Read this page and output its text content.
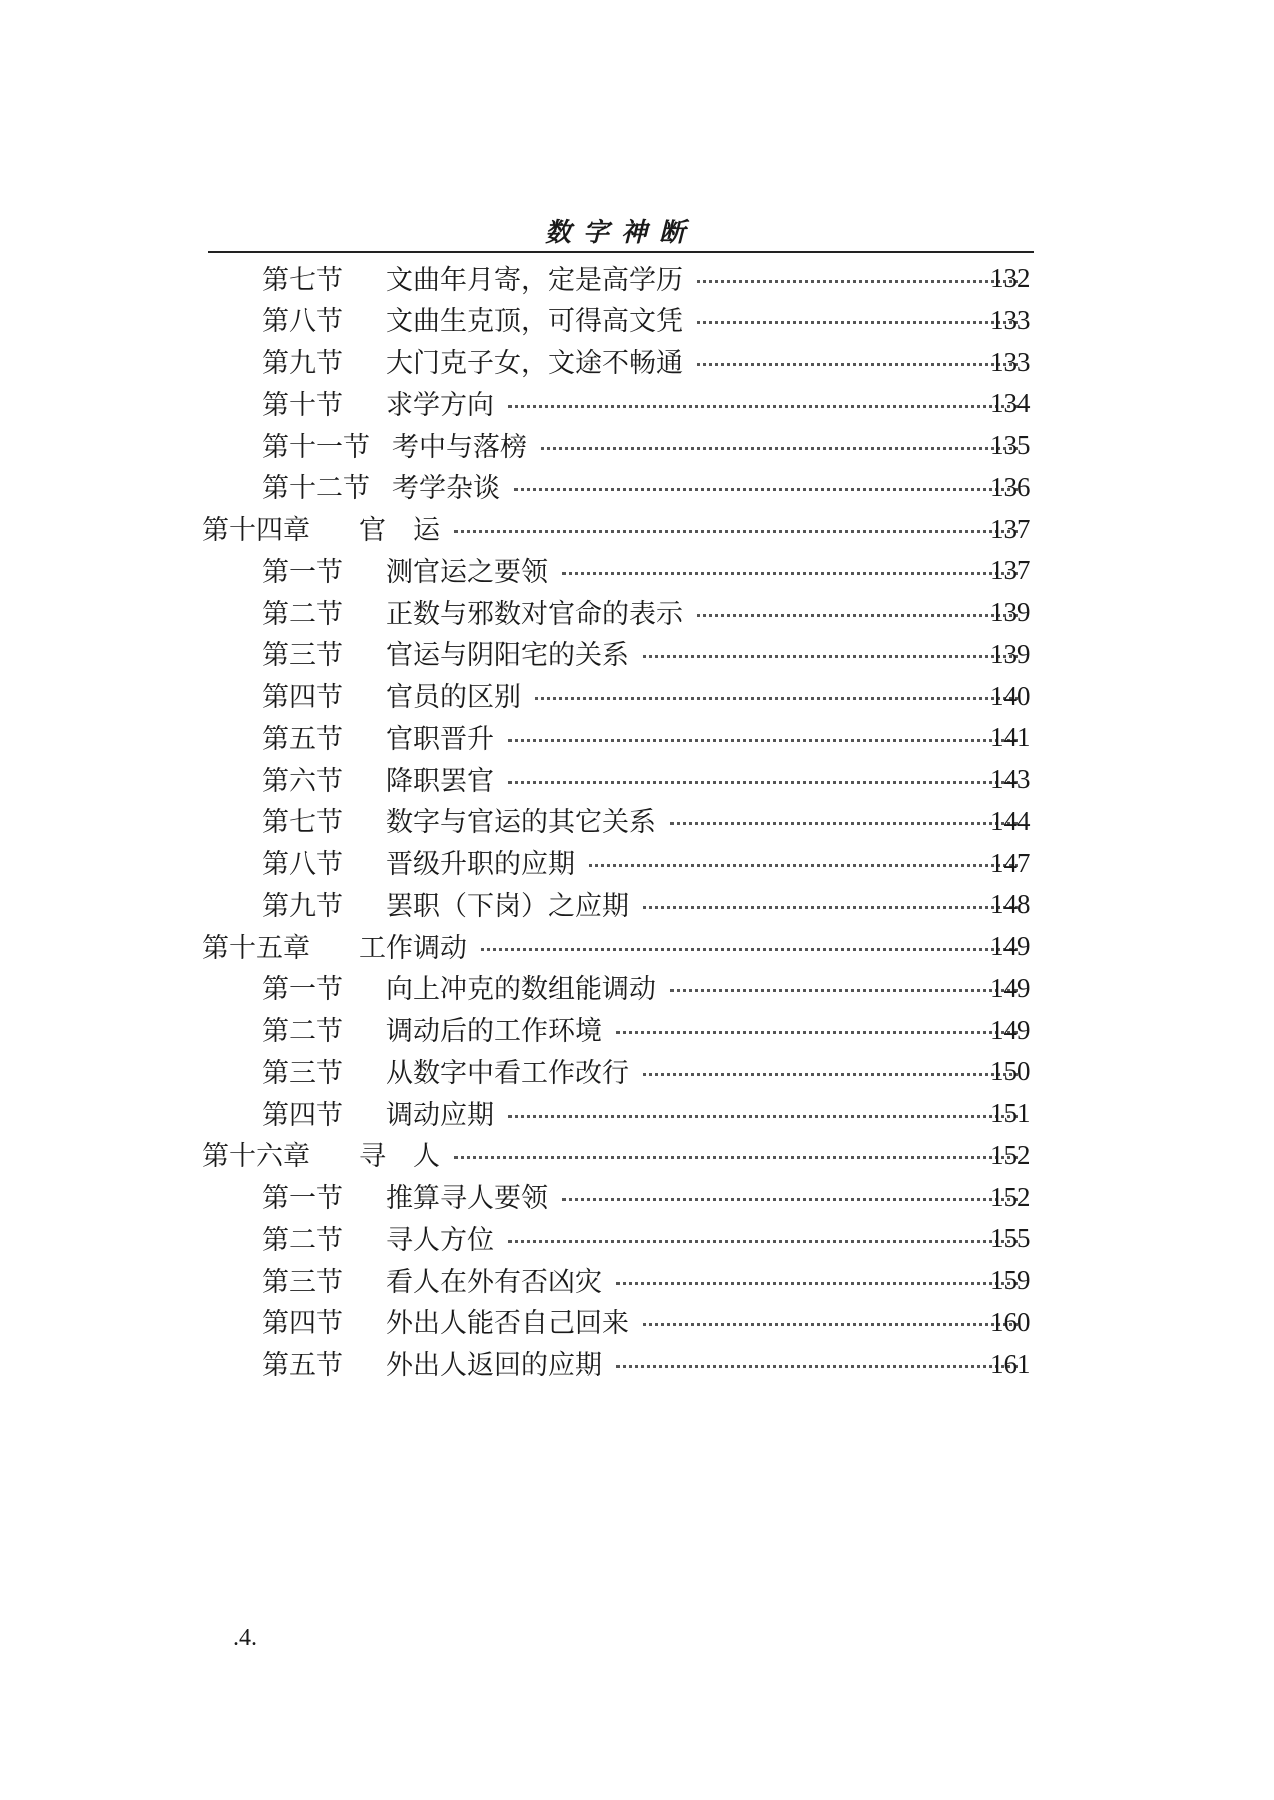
数字神断
第七节	文曲年月寄，定是高学历	132
第八节	文曲生克顶，可得高文凭	133
第九节	大门克子女，文途不畅通	133
第十节	求学方向	134
第十一节 考中与落榜	135
第十二节 考学杂谈	136
第十四章	官　运	137
第一节	测官运之要领	137
第二节	正数与邪数对官命的表示	139
第三节	官运与阴阳宅的关系	139
第四节	官员的区别	140
第五节	官职晋升	141
第六节	降职罢官	143
第七节	数字与官运的其它关系	144
第八节	晋级升职的应期	147
第九节	罢职（下岗）之应期	148
第十五章	工作调动	149
第一节	向上冲克的数组能调动	149
第二节	调动后的工作环境	149
第三节	从数字中看工作改行	150
第四节	调动应期	151
第十六章	寻　人	152
第一节	推算寻人要领	152
第二节	寻人方位	155
第三节	看人在外有否凶灾	159
第四节	外出人能否自己回来	160
第五节	外出人返回的应期	161
.4.
